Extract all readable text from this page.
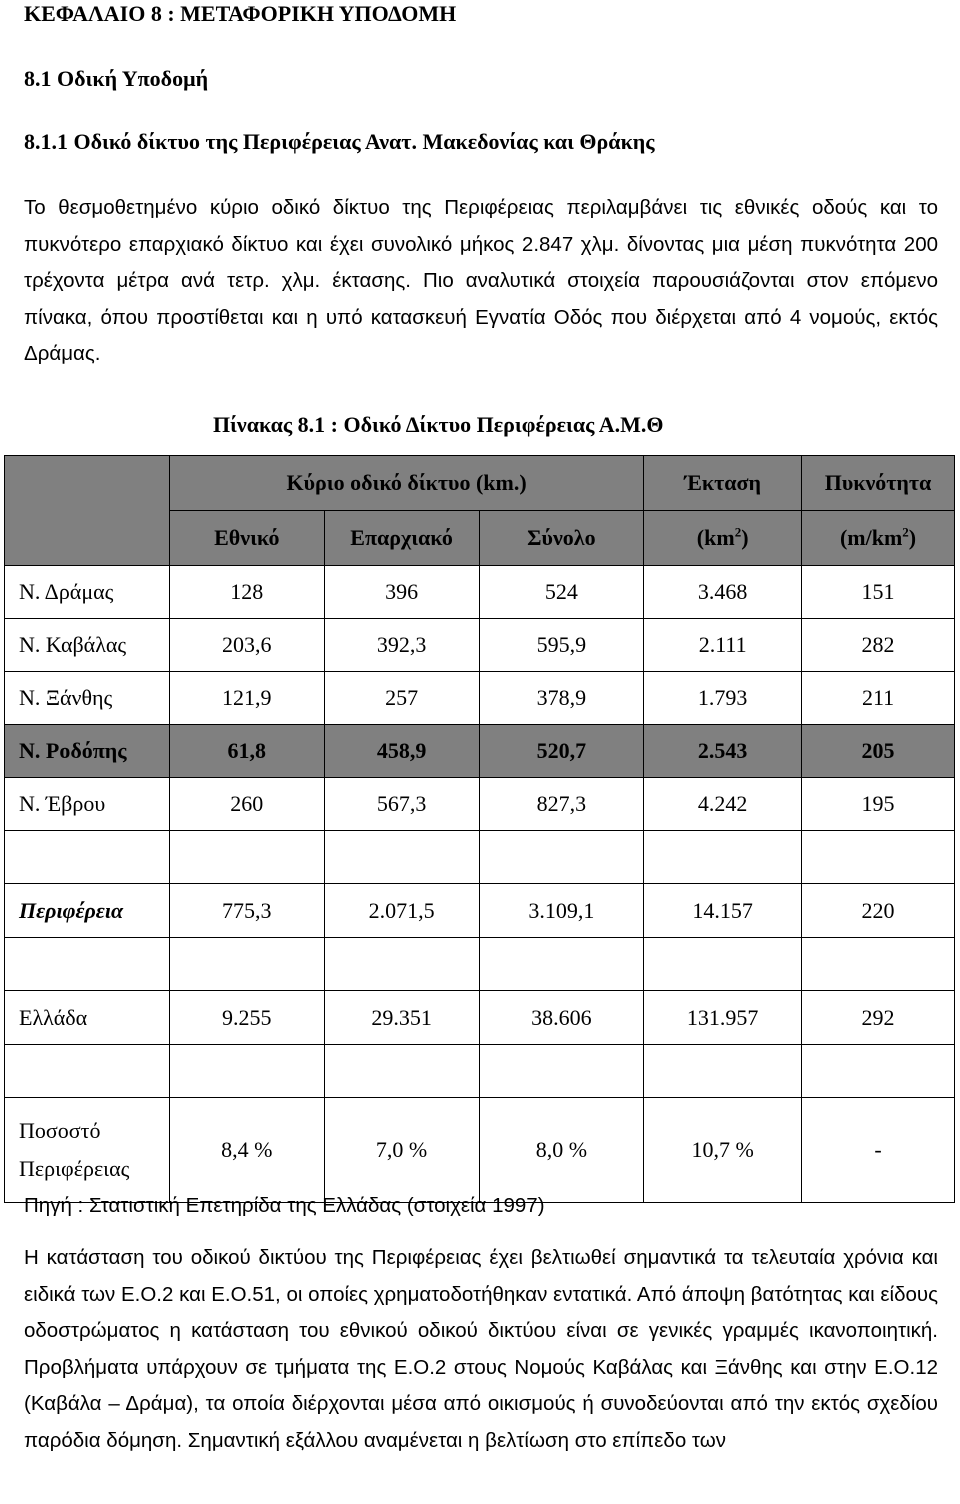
ΚΕΦΑΛΑΙΟ 8 : ΜΕΤΑΦΟΡΙΚΗ ΥΠΟΔΟΜΗ
8.1 Οδική Υποδομή
8.1.1 Οδικό δίκτυο της Περιφέρειας Ανατ. Μακεδονίας και Θράκης
Το θεσμοθετημένο κύριο οδικό δίκτυο της Περιφέρειας περιλαμβάνει τις εθνικές οδούς και το πυκνότερο επαρχιακό δίκτυο και έχει συνολικό μήκος 2.847 χλμ. δίνοντας μια μέση πυκνότητα 200 τρέχοντα μέτρα ανά τετρ. χλμ. έκτασης. Πιο αναλυτικά στοιχεία παρουσιάζονται στον επόμενο πίνακα, όπου προστίθεται και η υπό κατασκευή Εγνατία Οδός που διέρχεται από 4 νομούς, εκτός Δράμας.
Πίνακας 8.1 : Οδικό Δίκτυο Περιφέρειας Α.Μ.Θ
	Κύριο οδικό δίκτυο (km.)			Έκταση	Πυκνότητα
	Εθνικό	Επαρχιακό	Σύνολο	$(km^2)$	$(m/km^2)$
Ν. Δράμας	128	396	524	3.468	151
Ν. Καβάλας	203,6	392,3	595,9	2.111	282
Ν. Ξάνθης	121,9	257	378,9	1.793	211
Ν. Ροδόπης	61,8	458,9	520,7	2.543	205
Ν. Έβρου	260	567,3	827,3	4.242	195

Περιφέρεια	775,3	2.071,5	3.109,1	14.157	220

Ελλάδα	9.255	29.351	38.606	131.957	292

Ποσοστό
Περιφέρειας	8,4 %	7,0 %	8,0 %	10,7 %	-
Πηγή : Στατιστική Επετηρίδα της Ελλάδας (στοιχεία 1997)
Η κατάσταση του οδικού δικτύου της Περιφέρειας έχει βελτιωθεί σημαντικά τα τελευταία χρόνια και ειδικά των Ε.Ο.2 και Ε.Ο.51, οι οποίες χρηματοδοτήθηκαν εντατικά. Από άποψη βατότητας και είδους οδοστρώματος η κατάσταση του εθνικού οδικού δικτύου είναι σε γενικές γραμμές ικανοποιητική. Προβλήματα υπάρχουν σε τμήματα της Ε.Ο.2 στους Νομούς Καβάλας και Ξάνθης και στην Ε.Ο.12 (Καβάλα – Δράμα), τα οποία διέρχονται μέσα από οικισμούς ή συνοδεύονται από την εκτός σχεδίου παρόδια δόμηση. Σημαντική εξάλλου αναμένεται η βελτίωση στο επίπεδο των
